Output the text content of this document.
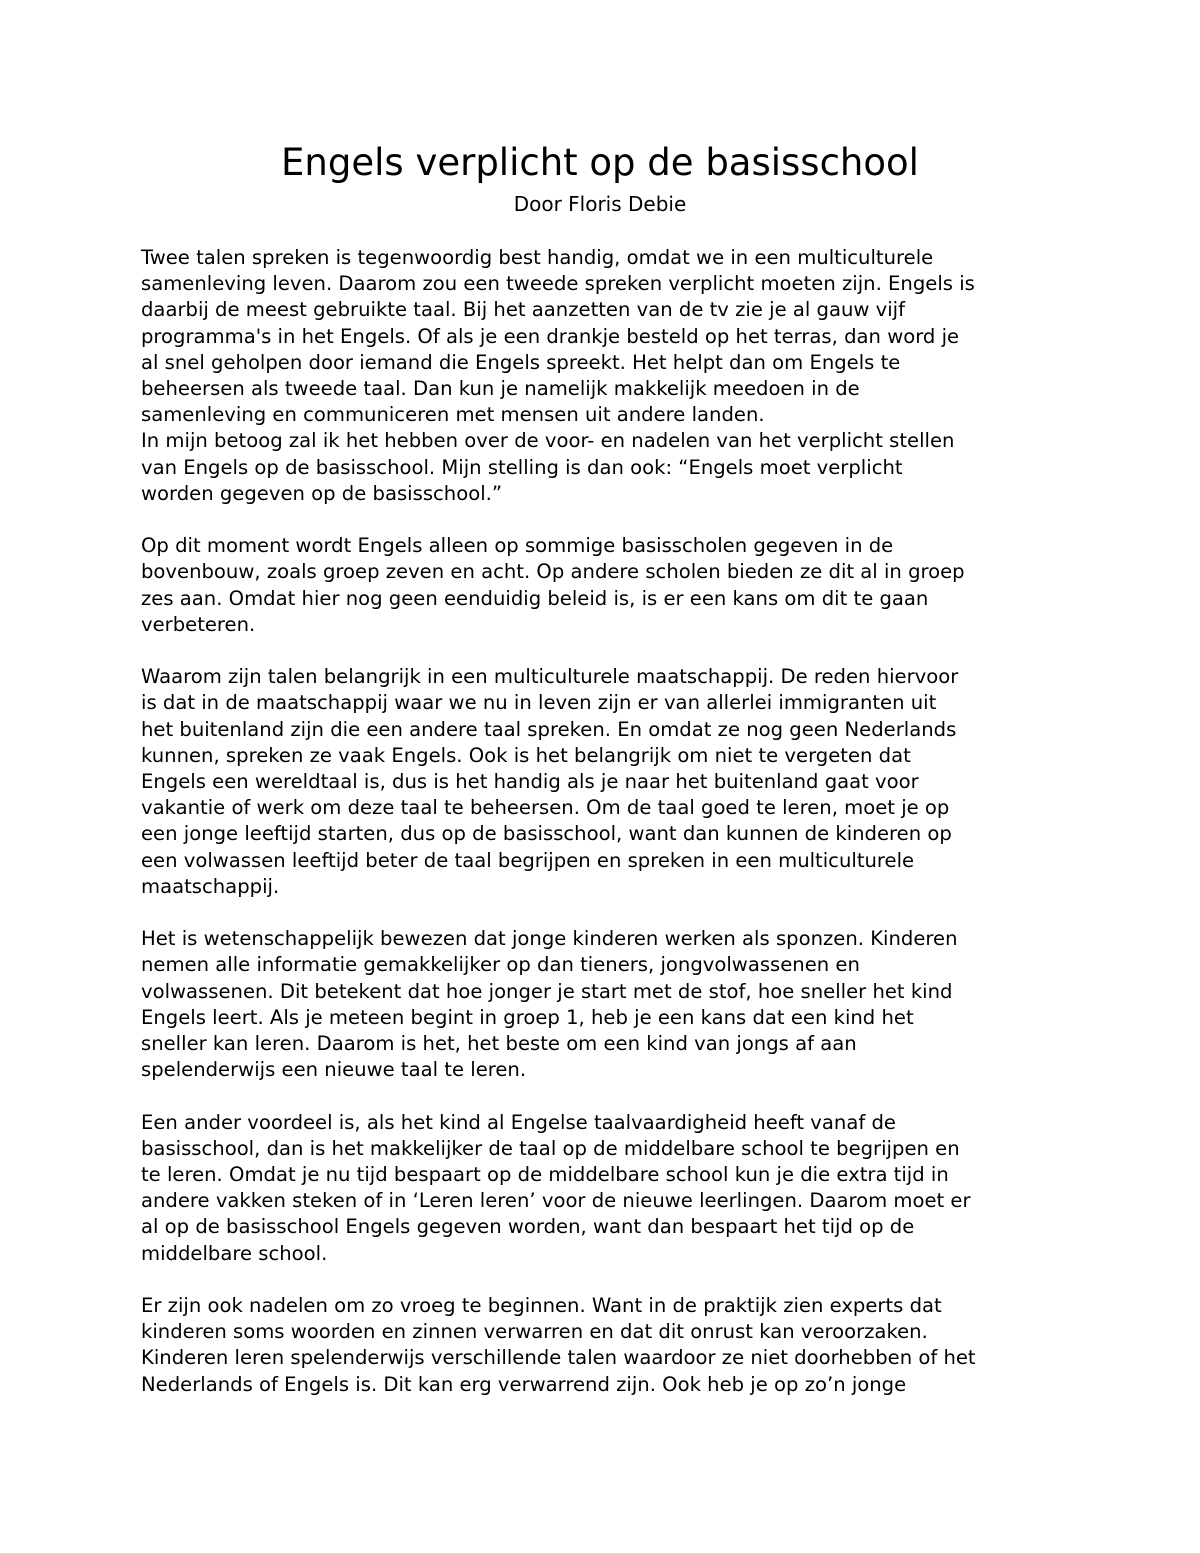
Engels verplicht op de basisschool
Door Floris Debie

Twee talen spreken is tegenwoordig best handig, omdat we in een multiculturele
samenleving leven. Daarom zou een tweede spreken verplicht moeten zijn. Engels is
daarbij de meest gebruikte taal. Bij het aanzetten van de tv zie je al gauw vijf
programma's in het Engels. Of als je een drankje besteld op het terras, dan word je
al snel geholpen door iemand die Engels spreekt. Het helpt dan om Engels te
beheersen als tweede taal. Dan kun je namelijk makkelijk meedoen in de
samenleving en communiceren met mensen uit andere landen.
In mijn betoog zal ik het hebben over de voor- en nadelen van het verplicht stellen
van Engels op de basisschool. Mijn stelling is dan ook: “Engels moet verplicht
worden gegeven op de basisschool.”

Op dit moment wordt Engels alleen op sommige basisscholen gegeven in de
bovenbouw, zoals groep zeven en acht. Op andere scholen bieden ze dit al in groep
zes aan. Omdat hier nog geen eenduidig beleid is, is er een kans om dit te gaan
verbeteren.

Waarom zijn talen belangrijk in een multiculturele maatschappij. De reden hiervoor
is dat in de maatschappij waar we nu in leven zijn er van allerlei immigranten uit
het buitenland zijn die een andere taal spreken. En omdat ze nog geen Nederlands
kunnen, spreken ze vaak Engels. Ook is het belangrijk om niet te vergeten dat
Engels een wereldtaal is, dus is het handig als je naar het buitenland gaat voor
vakantie of werk om deze taal te beheersen. Om de taal goed te leren, moet je op
een jonge leeftijd starten, dus op de basisschool, want dan kunnen de kinderen op
een volwassen leeftijd beter de taal begrijpen en spreken in een multiculturele
maatschappij.

Het is wetenschappelijk bewezen dat jonge kinderen werken als sponzen. Kinderen
nemen alle informatie gemakkelijker op dan tieners, jongvolwassenen en
volwassenen. Dit betekent dat hoe jonger je start met de stof, hoe sneller het kind
Engels leert. Als je meteen begint in groep 1, heb je een kans dat een kind het
sneller kan leren. Daarom is het, het beste om een kind van jongs af aan
spelenderwijs een nieuwe taal te leren.

Een ander voordeel is, als het kind al Engelse taalvaardigheid heeft vanaf de
basisschool, dan is het makkelijker de taal op de middelbare school te begrijpen en
te leren. Omdat je nu tijd bespaart op de middelbare school kun je die extra tijd in
andere vakken steken of in ‘Leren leren’ voor de nieuwe leerlingen. Daarom moet er
al op de basisschool Engels gegeven worden, want dan bespaart het tijd op de
middelbare school.

Er zijn ook nadelen om zo vroeg te beginnen. Want in de praktijk zien experts dat
kinderen soms woorden en zinnen verwarren en dat dit onrust kan veroorzaken.
Kinderen leren spelenderwijs verschillende talen waardoor ze niet doorhebben of het
Nederlands of Engels is. Dit kan erg verwarrend zijn. Ook heb je op zo’n jonge
